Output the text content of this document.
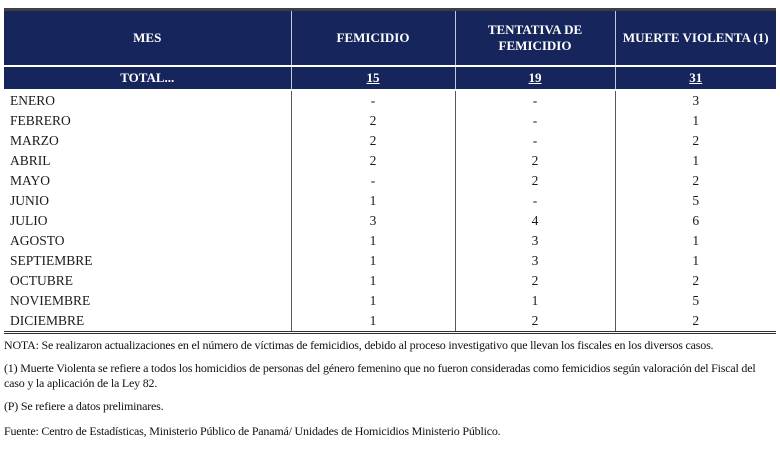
MES	FEMICIDIO	TENTATIVA DE FEMICIDIO	MUERTE VIOLENTA (1)
TOTAL...	15	19	31
ENERO	-	-	3
FEBRERO	2	-	1
MARZO	2	-	2
ABRIL	2	2	1
MAYO	-	2	2
JUNIO	1	-	5
JULIO	3	4	6
AGOSTO	1	3	1
SEPTIEMBRE	1	3	1
OCTUBRE	1	2	2
NOVIEMBRE	1	1	5
DICIEMBRE	1	2	2

NOTA: Se realizaron actualizaciones en el número de víctimas de femicidios, debido al proceso investigativo que llevan los fiscales en los diversos casos.

(1) Muerte Violenta se refiere a todos los homicidios de personas del género femenino que no fueron consideradas como femicidios según valoración del Fiscal del caso y la aplicación de la Ley 82.

(P) Se refiere a datos preliminares.

Fuente: Centro de Estadísticas, Ministerio Público de Panamá/ Unidades de Homicidios Ministerio Público.
